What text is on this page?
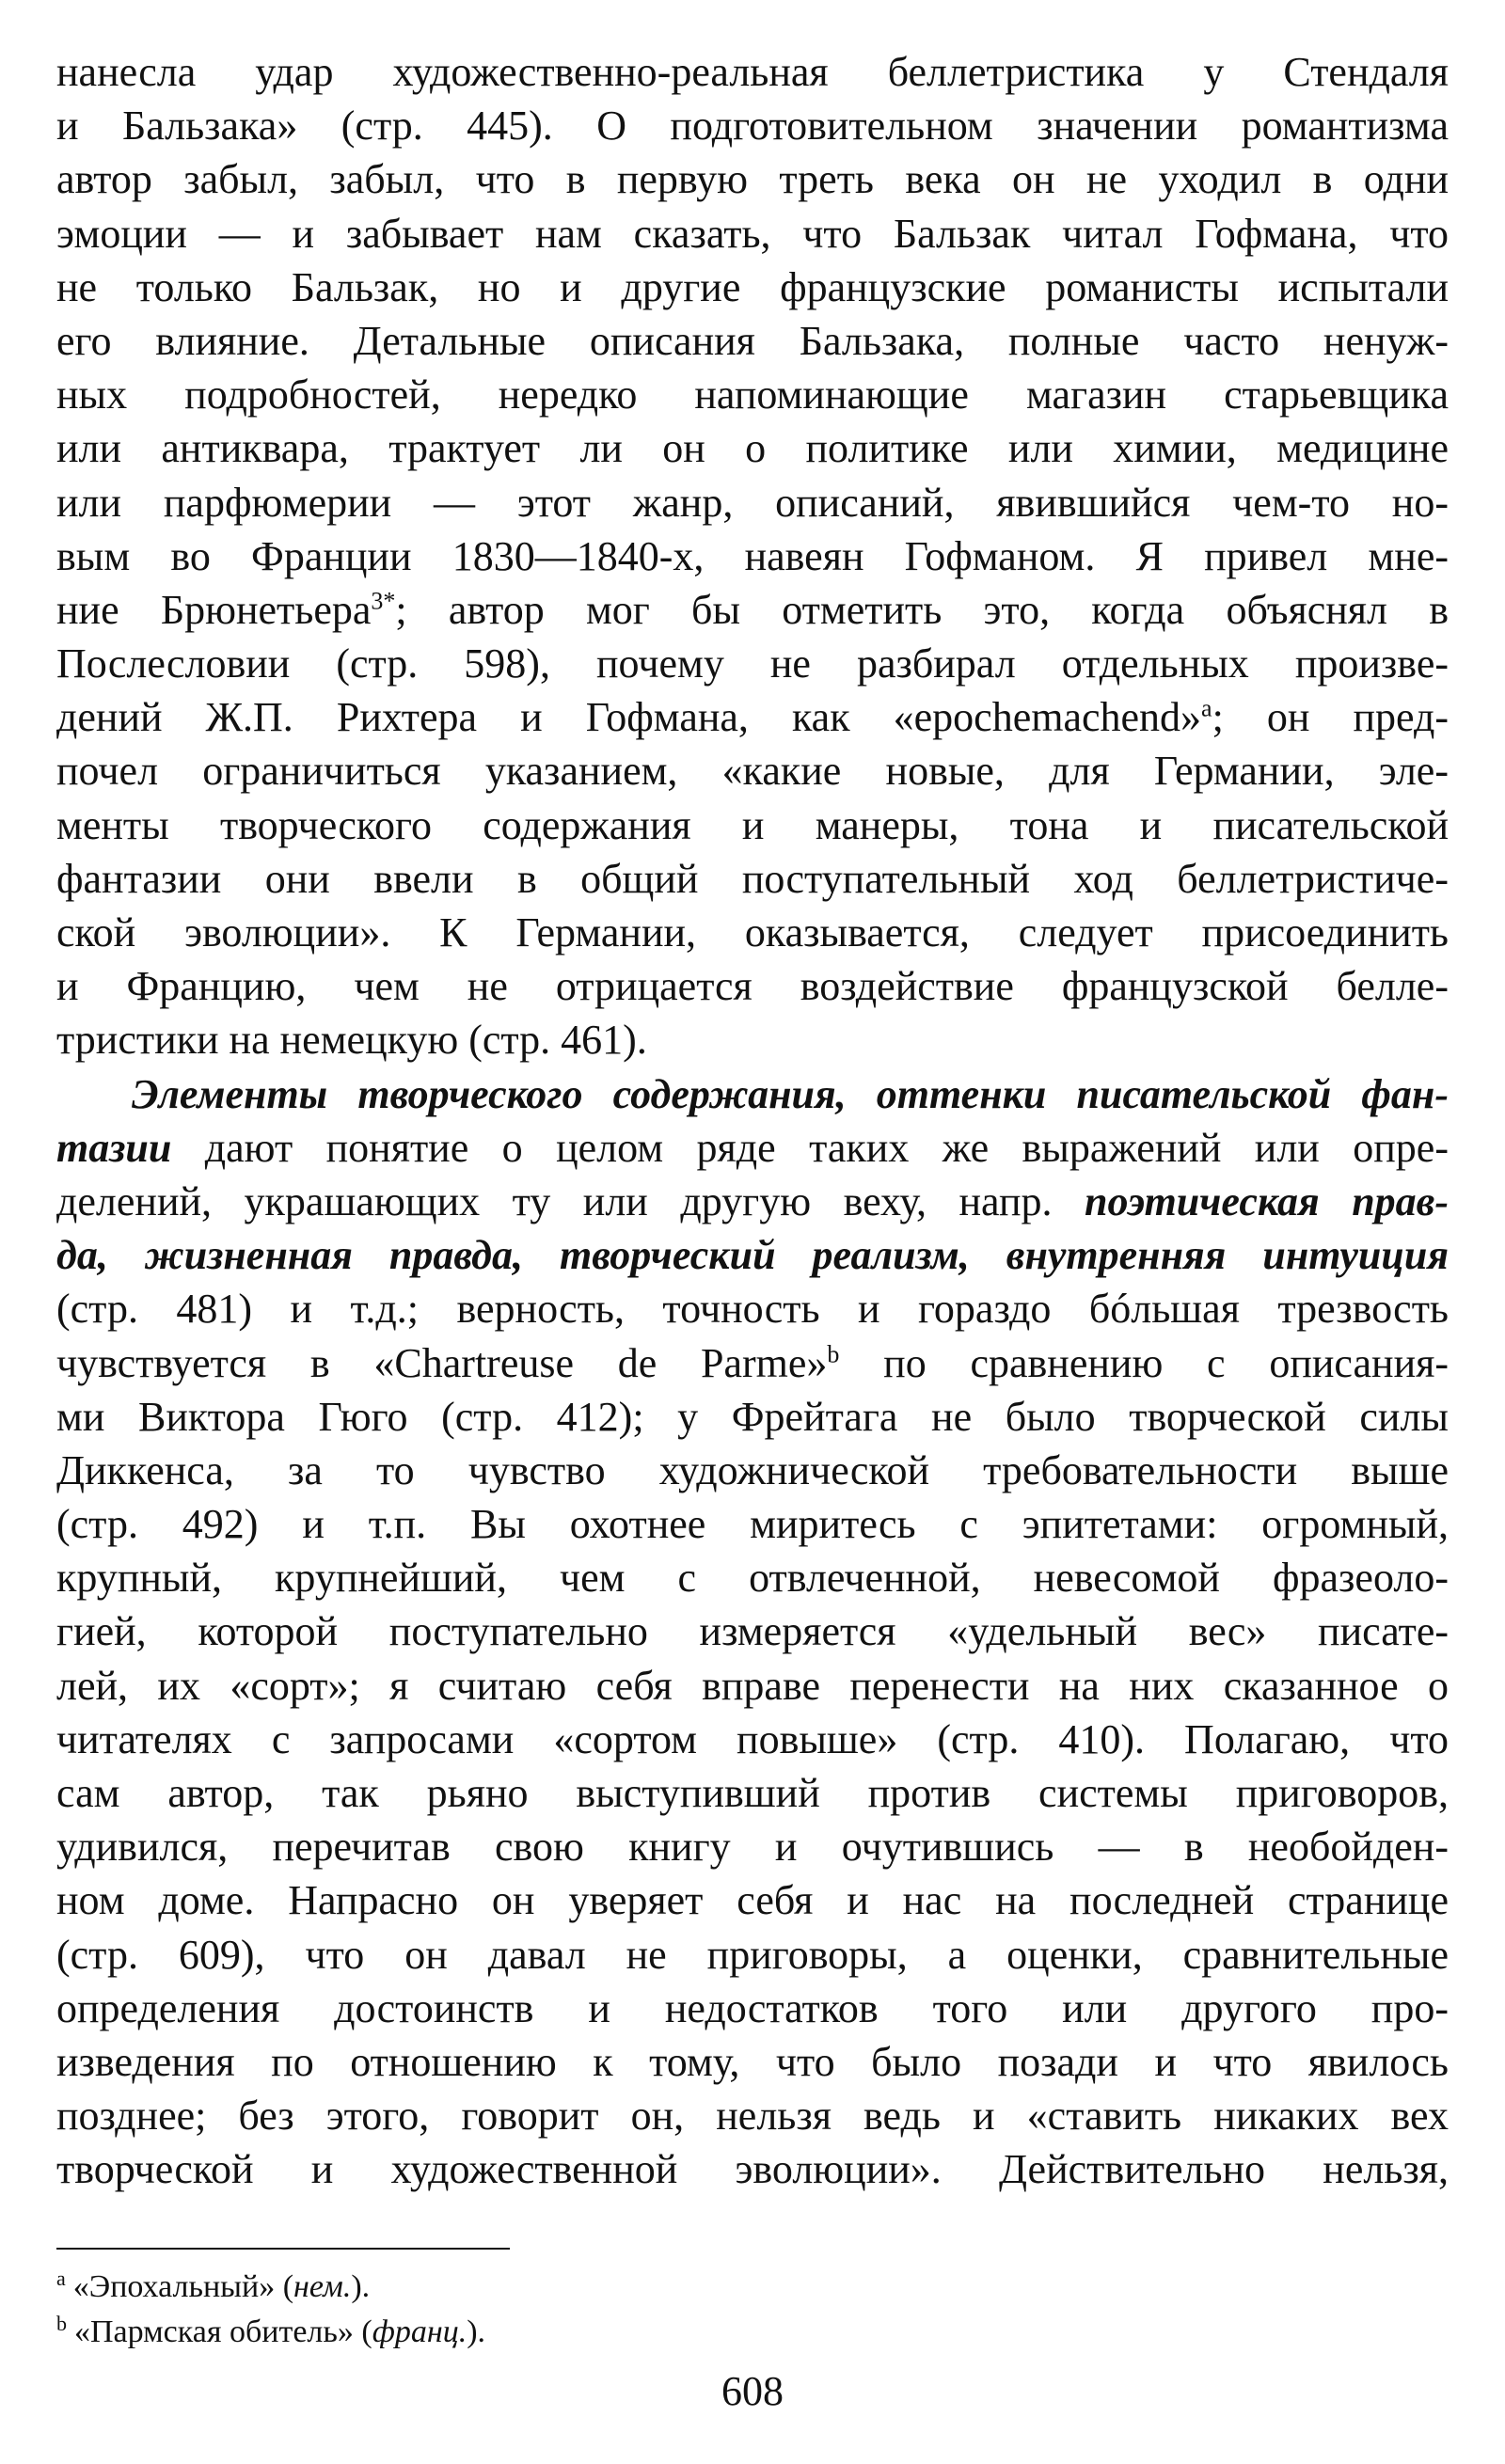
нанесла удар художественно-реальная беллетристика у Стендаля
и Бальзака» (стр. 445). О подготовительном значении романтизма
автор забыл, забыл, что в первую треть века он не уходил в одни
эмоции — и забывает нам сказать, что Бальзак читал Гофмана, что
не только Бальзак, но и другие французские романисты испытали
его влияние. Детальные описания Бальзака, полные часто ненуж-
ных подробностей, нередко напоминающие магазин старьевщика
или антиквара, трактует ли он о политике или химии, медицине
или парфюмерии — этот жанр, описаний, явившийся чем-то но-
вым во Франции 1830—1840-х, навеян Гофманом. Я привел мне-
ние Брюнетьера$^{3*}$; автор мог бы отметить это, когда объяснял в
Послесловии (стр. 598), почему не разбирал отдельных произве-
дений Ж.П. Рихтера и Гофмана, как «epochemachend»$^a$; он пред-
почел ограничиться указанием, «какие новые, для Германии, эле-
менты творческого содержания и манеры, тона и писательской
фантазии они ввели в общий поступательный ход беллетристиче-
ской эволюции». К Германии, оказывается, следует присоединить
и Францию, чем не отрицается воздействие французской белле-
тристики на немецкую (стр. 461).
Элементы творческого содержания, оттенки писательской фан-
тазии дают понятие о целом ряде таких же выражений или опре-
делений, украшающих ту или другую веху, напр. поэтическая прав-
да, жизненная правда, творческий реализм, внутренняя интуиция
(стр. 481) и т.д.; верность, точность и гораздо бóльшая трезвость
чувствуется в «Chartreuse de Parme»$^b$ по сравнению с описания-
ми Виктора Гюго (стр. 412); у Фрейтага не было творческой силы
Диккенса, за то чувство художнической требовательности выше
(стр. 492) и т.п. Вы охотнее миритесь с эпитетами: огромный,
крупный, крупнейший, чем с отвлеченной, невесомой фразеоло-
гией, которой поступательно измеряется «удельный вес» писате-
лей, их «сорт»; я считаю себя вправе перенести на них сказанное о
читателях с запросами «сортом повыше» (стр. 410). Полагаю, что
сам автор, так рьяно выступивший против системы приговоров,
удивился, перечитав свою книгу и очутившись — в необойден-
ном доме. Напрасно он уверяет себя и нас на последней странице
(стр. 609), что он давал не приговоры, а оценки, сравнительные
определения достоинств и недостатков того или другого про-
изведения по отношению к тому, что было позади и что явилось
позднее; без этого, говорит он, нельзя ведь и «ставить никаких вех
творческой и художественной эволюции». Действительно нельзя,
$^a$ «Эпохальный» (нем.).
$^b$ «Пармская обитель» (франц.).
608
